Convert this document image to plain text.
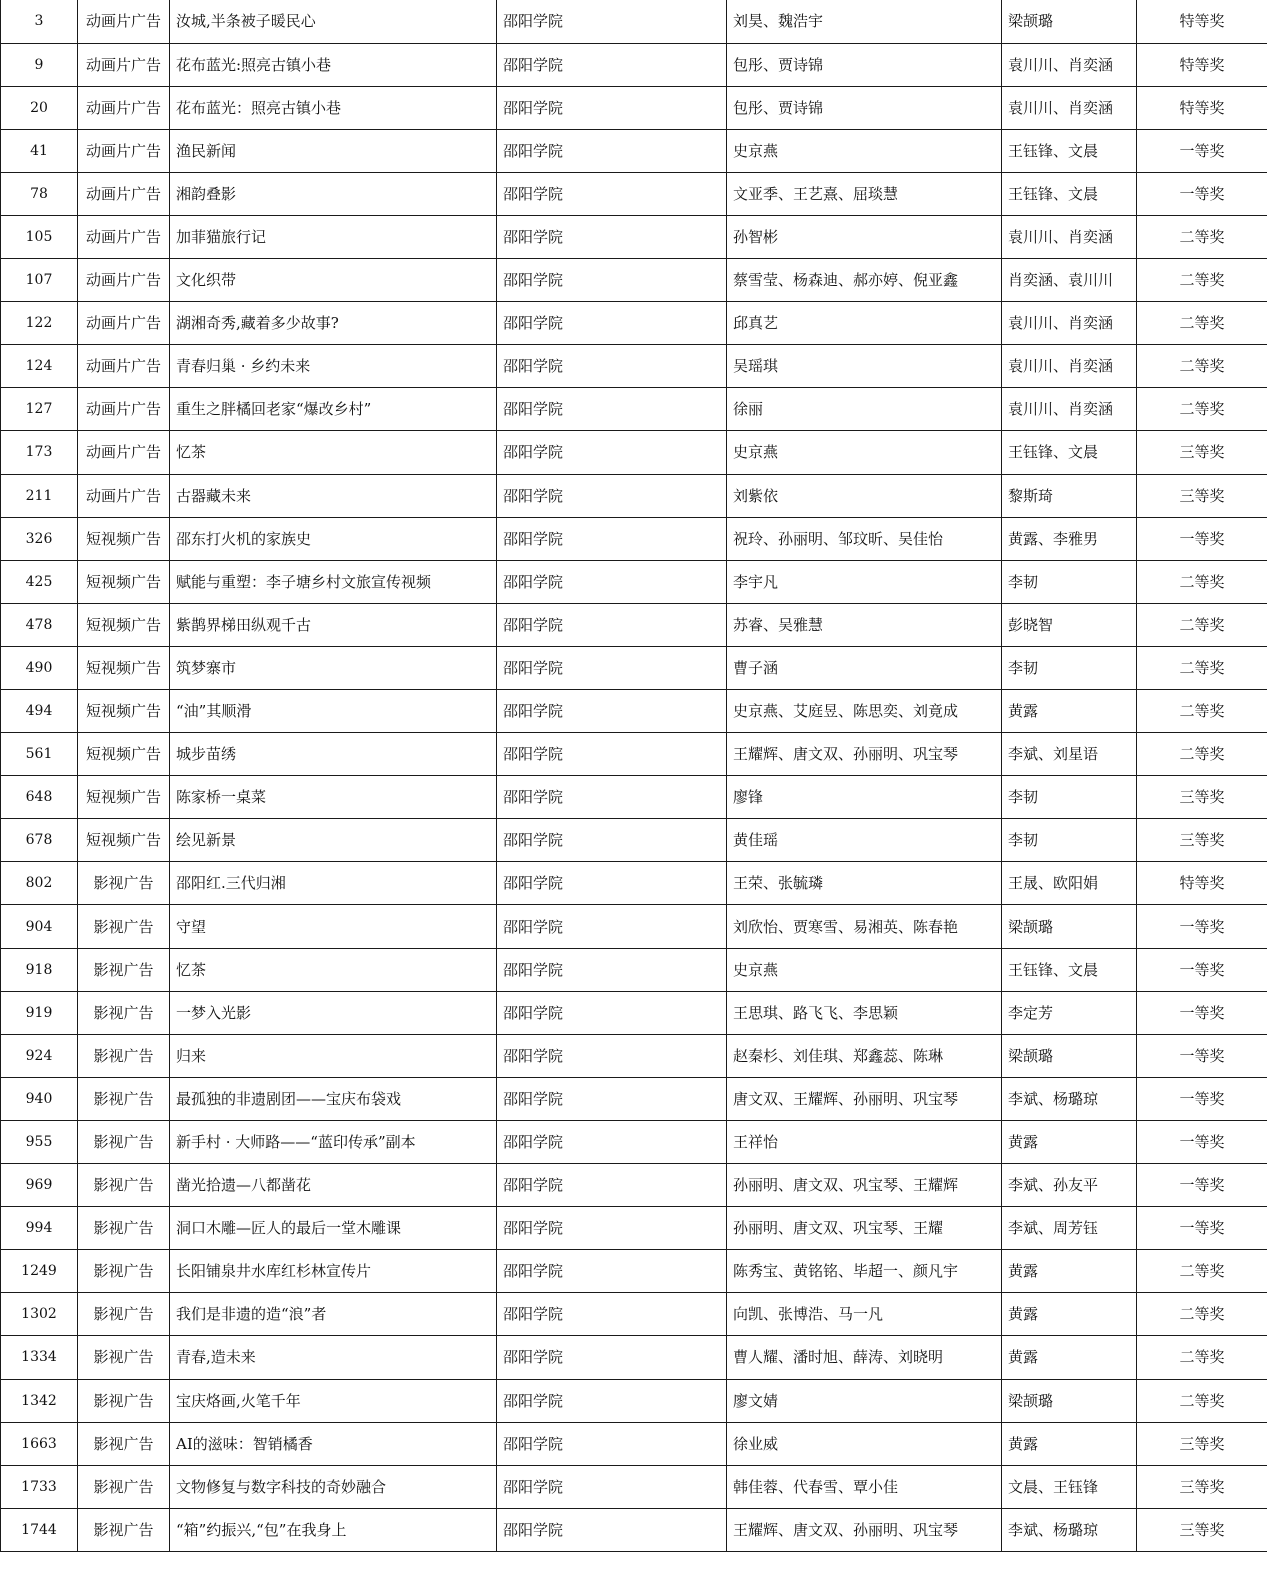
3	动画片广告	汝城,半条被子暖民心	邵阳学院	刘昊、魏浩宇	梁颉璐	特等奖
9	动画片广告	花布蓝光:照亮古镇小巷	邵阳学院	包彤、贾诗锦	袁川川、肖奕涵	特等奖
20	动画片广告	花布蓝光：照亮古镇小巷	邵阳学院	包彤、贾诗锦	袁川川、肖奕涵	特等奖
41	动画片广告	渔民新闻	邵阳学院	史京燕	王钰锋、文晨	一等奖
78	动画片广告	湘韵叠影	邵阳学院	文亚季、王艺熹、屈琰慧	王钰锋、文晨	一等奖
105	动画片广告	加菲猫旅行记	邵阳学院	孙智彬	袁川川、肖奕涵	二等奖
107	动画片广告	文化织带	邵阳学院	蔡雪莹、杨森迪、郝亦婷、倪亚鑫	肖奕涵、袁川川	二等奖
122	动画片广告	湖湘奇秀,藏着多少故事?	邵阳学院	邱真艺	袁川川、肖奕涵	二等奖
124	动画片广告	青春归巢 · 乡约未来	邵阳学院	吴瑶琪	袁川川、肖奕涵	二等奖
127	动画片广告	重生之胖橘回老家“爆改乡村”	邵阳学院	徐丽	袁川川、肖奕涵	二等奖
173	动画片广告	忆茶	邵阳学院	史京燕	王钰锋、文晨	三等奖
211	动画片广告	古器藏未来	邵阳学院	刘紫依	黎斯琦	三等奖
326	短视频广告	邵东打火机的家族史	邵阳学院	祝玲、孙丽明、邹玟昕、吴佳怡	黄露、李雅男	一等奖
425	短视频广告	赋能与重塑：李子塘乡村文旅宣传视频	邵阳学院	李宇凡	李韧	二等奖
478	短视频广告	紫鹊界梯田纵观千古	邵阳学院	苏睿、吴雅慧	彭晓智	二等奖
490	短视频广告	筑梦寨市	邵阳学院	曹子涵	李韧	二等奖
494	短视频广告	“油”其顺滑	邵阳学院	史京燕、艾庭昱、陈思奕、刘竟成	黄露	二等奖
561	短视频广告	城步苗绣	邵阳学院	王耀辉、唐文双、孙丽明、巩宝琴	李斌、刘星语	二等奖
648	短视频广告	陈家桥一桌菜	邵阳学院	廖锋	李韧	三等奖
678	短视频广告	绘见新景	邵阳学院	黄佳瑶	李韧	三等奖
802	影视广告	邵阳红.三代归湘	邵阳学院	王荣、张毓璘	王晟、欧阳娟	特等奖
904	影视广告	守望	邵阳学院	刘欣怡、贾寒雪、易湘英、陈春艳	梁颉璐	一等奖
918	影视广告	忆茶	邵阳学院	史京燕	王钰锋、文晨	一等奖
919	影视广告	一梦入光影	邵阳学院	王思琪、路飞飞、李思颖	李定芳	一等奖
924	影视广告	归来	邵阳学院	赵秦杉、刘佳琪、郑鑫蕊、陈琳	梁颉璐	一等奖
940	影视广告	最孤独的非遗剧团——宝庆布袋戏	邵阳学院	唐文双、王耀辉、孙丽明、巩宝琴	李斌、杨璐琼	一等奖
955	影视广告	新手村 · 大师路——“蓝印传承”副本	邵阳学院	王祥怡	黄露	一等奖
969	影视广告	凿光拾遗—八都凿花	邵阳学院	孙丽明、唐文双、巩宝琴、王耀辉	李斌、孙友平	一等奖
994	影视广告	洞口木雕—匠人的最后一堂木雕课	邵阳学院	孙丽明、唐文双、巩宝琴、王耀	李斌、周芳钰	一等奖
1249	影视广告	长阳铺泉井水库红杉林宣传片	邵阳学院	陈秀宝、黄铭铭、毕超一、颜凡宇	黄露	二等奖
1302	影视广告	我们是非遗的造“浪”者	邵阳学院	向凯、张博浩、马一凡	黄露	二等奖
1334	影视广告	青春,造未来	邵阳学院	曹人耀、潘时旭、薛涛、刘晓明	黄露	二等奖
1342	影视广告	宝庆烙画,火笔千年	邵阳学院	廖文婧	梁颉璐	二等奖
1663	影视广告	AI的滋味：智销橘香	邵阳学院	徐业威	黄露	三等奖
1733	影视广告	文物修复与数字科技的奇妙融合	邵阳学院	韩佳蓉、代春雪、覃小佳	文晨、王钰锋	三等奖
1744	影视广告	“箱”约振兴,“包”在我身上	邵阳学院	王耀辉、唐文双、孙丽明、巩宝琴	李斌、杨璐琼	三等奖
